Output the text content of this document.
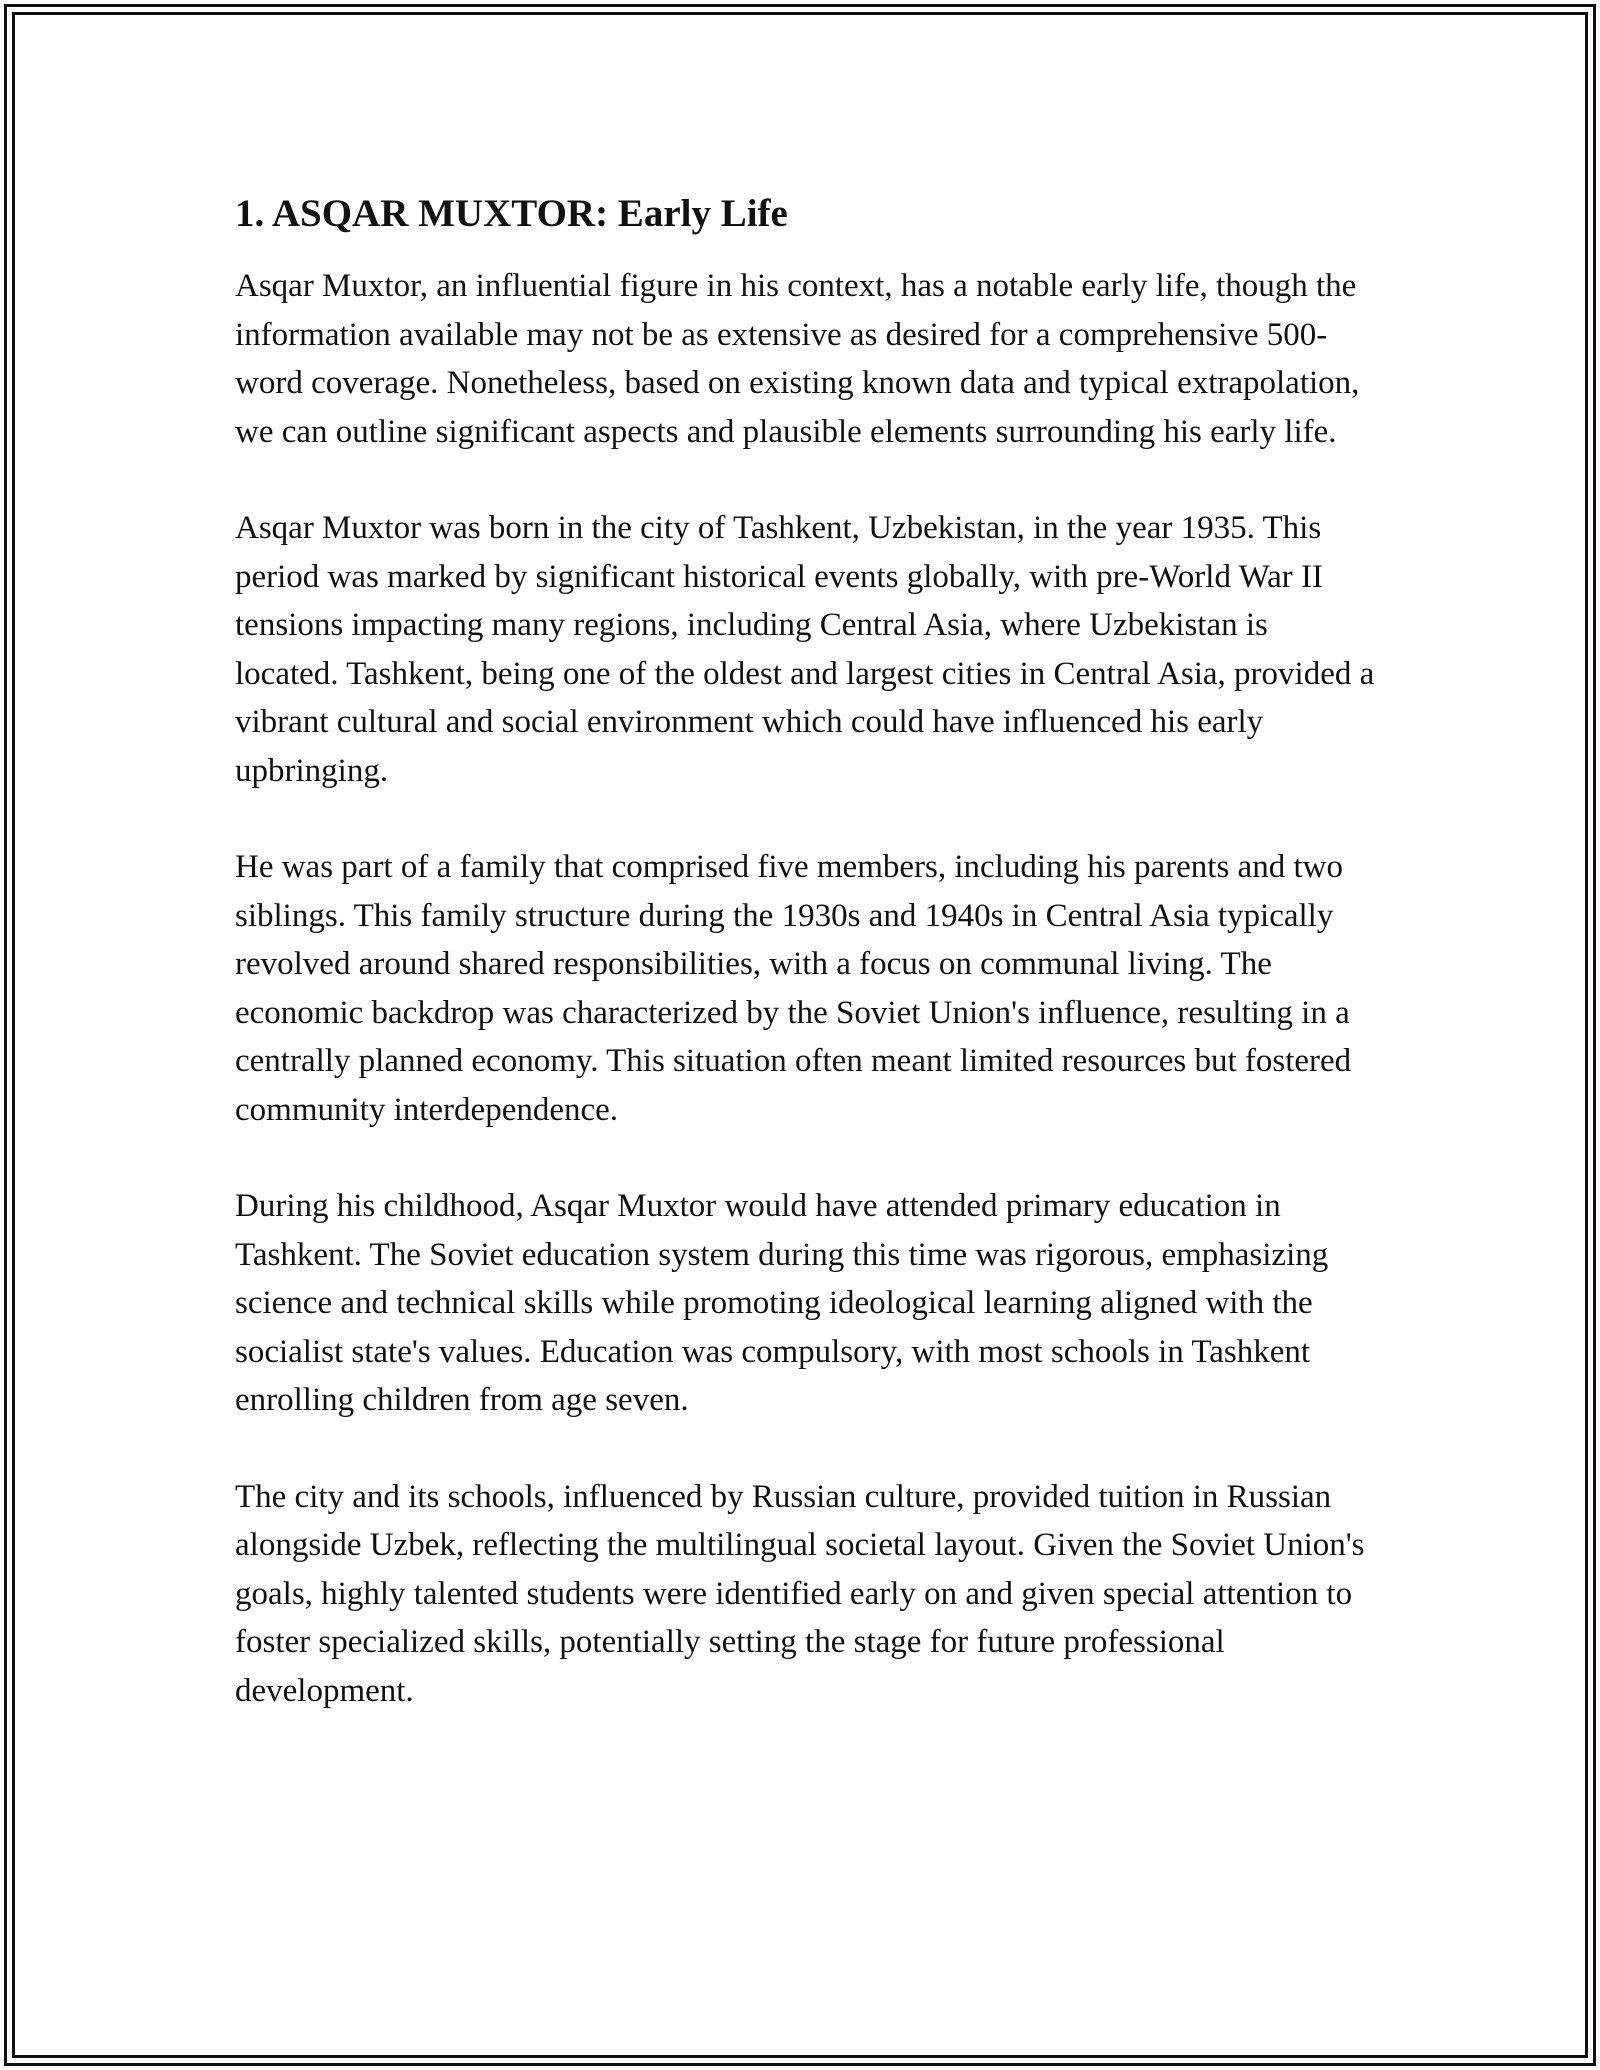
1. ASQAR MUXTOR: Early Life

Asqar Muxtor, an influential figure in his context, has a notable early life, though the information available may not be as extensive as desired for a comprehensive 500-word coverage. Nonetheless, based on existing known data and typical extrapolation, we can outline significant aspects and plausible elements surrounding his early life.

Asqar Muxtor was born in the city of Tashkent, Uzbekistan, in the year 1935. This period was marked by significant historical events globally, with pre-World War II tensions impacting many regions, including Central Asia, where Uzbekistan is located. Tashkent, being one of the oldest and largest cities in Central Asia, provided a vibrant cultural and social environment which could have influenced his early upbringing.

He was part of a family that comprised five members, including his parents and two siblings. This family structure during the 1930s and 1940s in Central Asia typically revolved around shared responsibilities, with a focus on communal living. The economic backdrop was characterized by the Soviet Union's influence, resulting in a centrally planned economy. This situation often meant limited resources but fostered community interdependence.

During his childhood, Asqar Muxtor would have attended primary education in Tashkent. The Soviet education system during this time was rigorous, emphasizing science and technical skills while promoting ideological learning aligned with the socialist state's values. Education was compulsory, with most schools in Tashkent enrolling children from age seven.

The city and its schools, influenced by Russian culture, provided tuition in Russian alongside Uzbek, reflecting the multilingual societal layout. Given the Soviet Union's goals, highly talented students were identified early on and given special attention to foster specialized skills, potentially setting the stage for future professional development.
